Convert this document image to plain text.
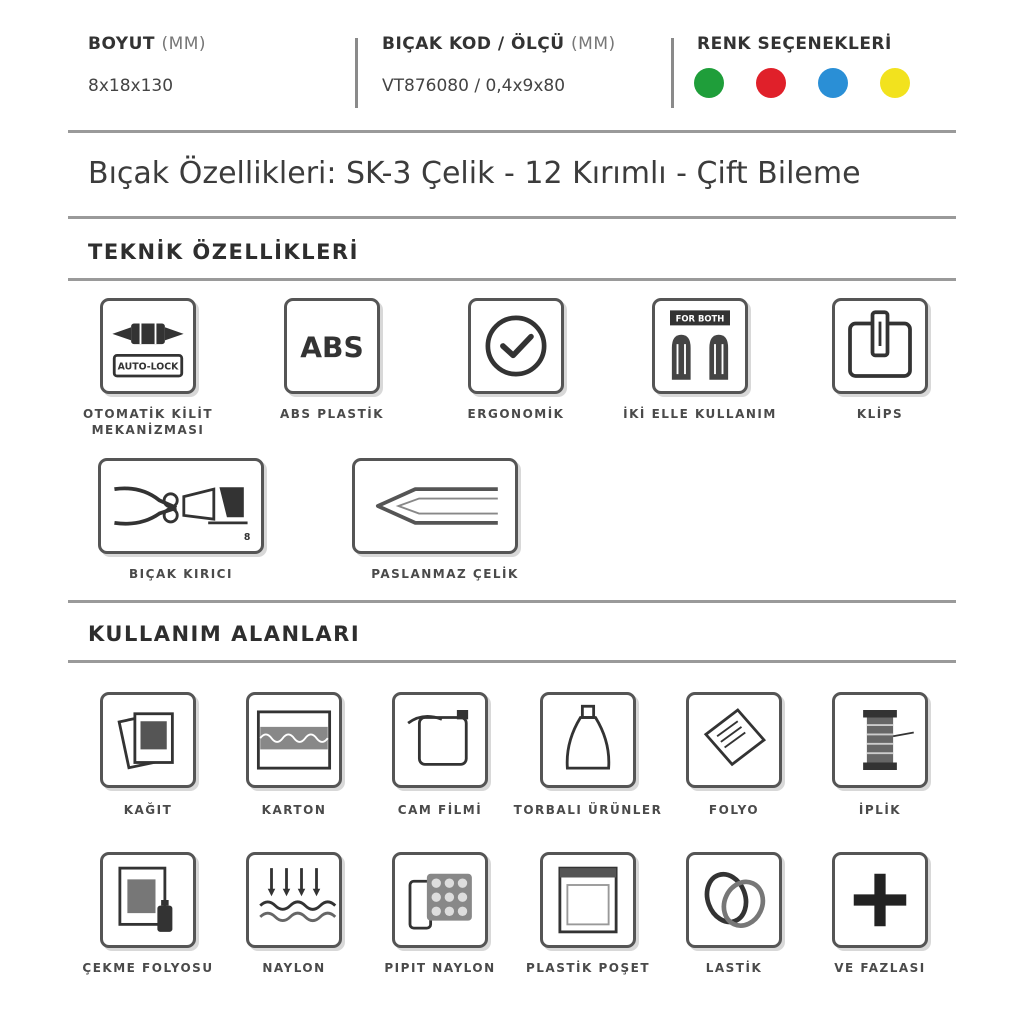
BOYUT (MM)
8x18x130
BIÇAK KOD / ÖLÇÜ (MM)
VT876080 / 0,4x9x80
RENK SEÇENEKLERİ
Bıçak Özellikleri: SK-3 Çelik - 12 Kırımlı - Çift Bileme
TEKNİK ÖZELLİKLERİ
AUTO-LOCK
OTOMATİK KİLİT MEKANİZMASI
ABS
ABS PLASTİK	ERGONOMİK
FOR BOTH
İKİ ELLE KULLANIM	KLİPS
8
BIÇAK KIRICI	PASLANMAZ ÇELİK
KULLANIM ALANLARI
KAĞIT	KARTON	CAM FİLMİ	TORBALI ÜRÜNLER	FOLYO	İPLİK
ÇEKME FOLYOSU	NAYLON	PIPIT NAYLON	PLASTİK POŞET	LASTİK	VE FAZLASI
